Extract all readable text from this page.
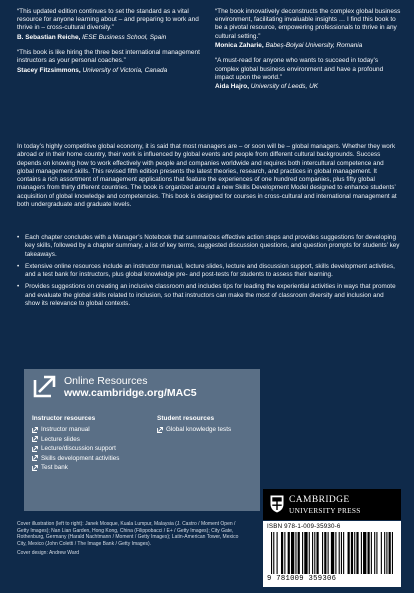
“This updated edition continues to set the standard as a vital resource for anyone learning about – and preparing to work and thrive in – cross-cultural diversity.”
B. Sebastian Reiche, IESE Business School, Spain
“This book is like hiring the three best international management instructors as your personal coaches.”
Stacey Fitzsimmons, University of Victoria, Canada
“The book innovatively deconstructs the complex global business environment, facilitating invaluable insights … I find this book to be a pivotal resource, empowering professionals to thrive in any cultural setting.”
Monica Zaharie, Babeș-Bolyai University, Romania
“A must-read for anyone who wants to succeed in today’s complex global business environment and have a profound impact upon the world.”
Aida Hajro, University of Leeds, UK

In today’s highly competitive global economy, it is said that most managers are – or soon will be – global managers. Whether they work abroad or in their home country, their work is influenced by global events and people from different cultural backgrounds. Success depends on knowing how to work effectively with people and companies worldwide and requires both intercultural competence and global management skills. This revised fifth edition presents the latest theories, research, and practices in global management. It contains a rich assortment of management applications that feature the experiences of one hundred companies, plus fifty global managers from thirty different countries. The book is organized around a new Skills Development Model designed to enhance students’ acquisition of global knowledge and competencies. This book is designed for courses in cross-cultural and international management at both undergraduate and graduate levels.

• Each chapter concludes with a Manager’s Notebook that summarizes effective action steps and provides suggestions for developing key skills, followed by a chapter summary, a list of key terms, suggested discussion questions, and question prompts for students’ key takeaways.
• Extensive online resources include an instructor manual, lecture slides, lecture and discussion support, skills development activities, and a test bank for instructors, plus global knowledge pre- and post-tests for students to assess their learning.
• Provides suggestions on creating an inclusive classroom and includes tips for leading the experiential activities in ways that promote and evaluate the global skills related to inclusion, so that instructors can make the most of classroom diversity and inclusion and show its relevance to global contexts.
Online Resources
www.cambridge.org/MAC5
Instructor resources
Instructor manual
Lecture slides
Lecture/discussion support
Skills development activities
Test bank
Student resources
Global knowledge tests

Cover illustration (left to right): Janek Mosque, Kuala Lumpur, Malaysia (J. Castro / Moment Open / Getty Images); Nan Lian Garden, Hong Kong, China (Filippobacci / E+ / Getty Images); City Gate, Rothenburg, Germany (Harald Nachtmann / Moment / Getty Images); Latin-American Tower, Mexico City, Mexico (John Coletti / The Image Bank / Getty Images).

Cover design: Andrew Ward

CAMBRIDGE
UNIVERSITY PRESS
ISBN 978-1-009-35930-6
9 781009 359306
